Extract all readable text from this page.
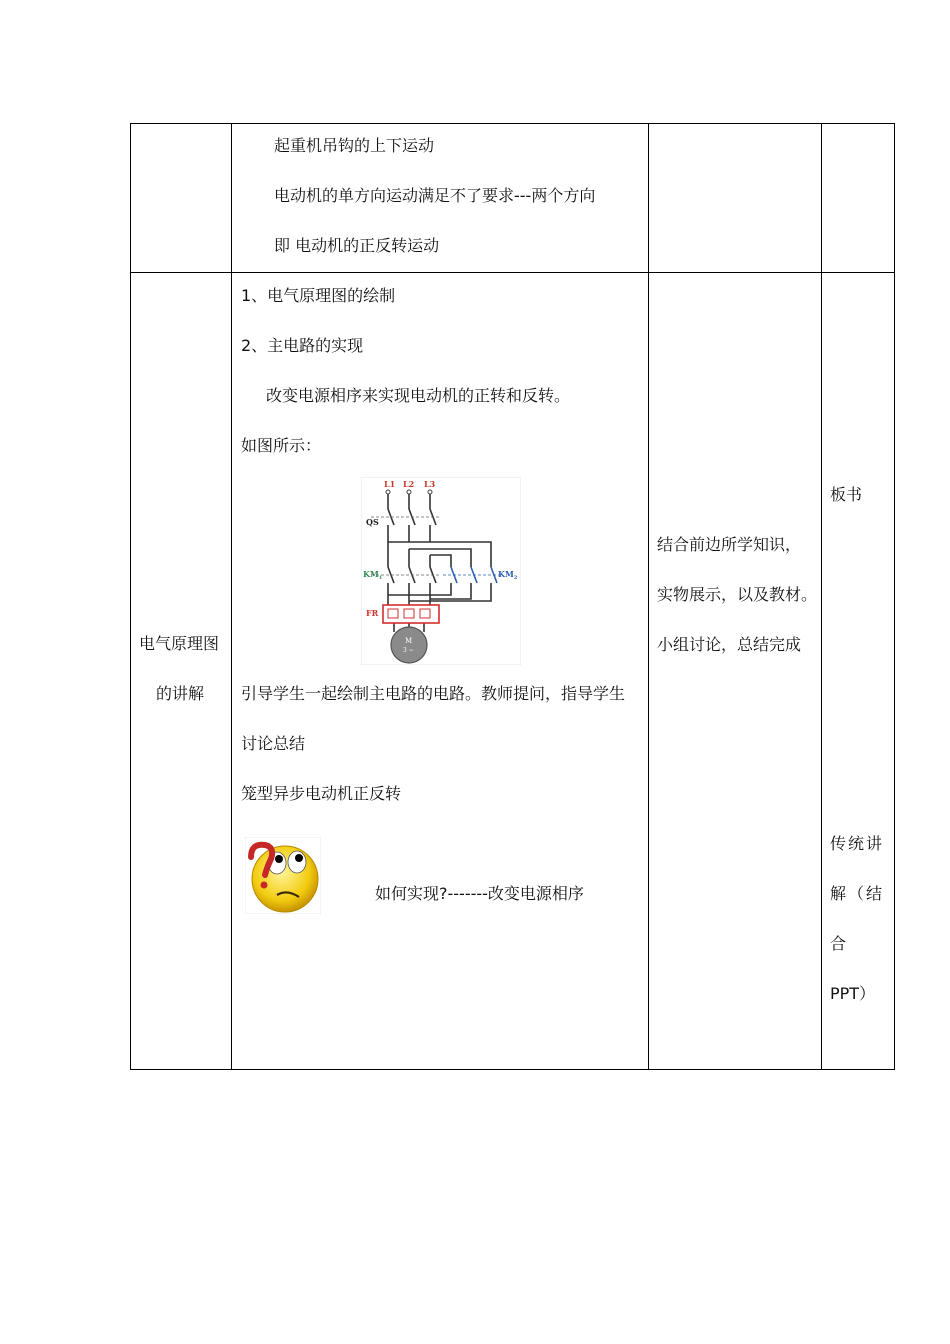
起重机吊钩的上下运动
电动机的单方向运动满足不了要求---两个方向
即 电动机的正反转运动
电气原理图
的讲解
1、电气原理图的绘制
2、主电路的实现
改变电源相序来实现电动机的正转和反转。
如图所示：
L1 L2 L3
QS
$KM_1$	$KM_2$
FR
M
3 ~
引导学生一起绘制主电路的电路。教师提问，指导学生
讨论总结
笼型异步电动机正反转
如何实现?-------改变电源相序
结合前边所学知识，
实物展示，以及教材。
小组讨论，总结完成
板书
传统讲
解（结
合
PPT）
